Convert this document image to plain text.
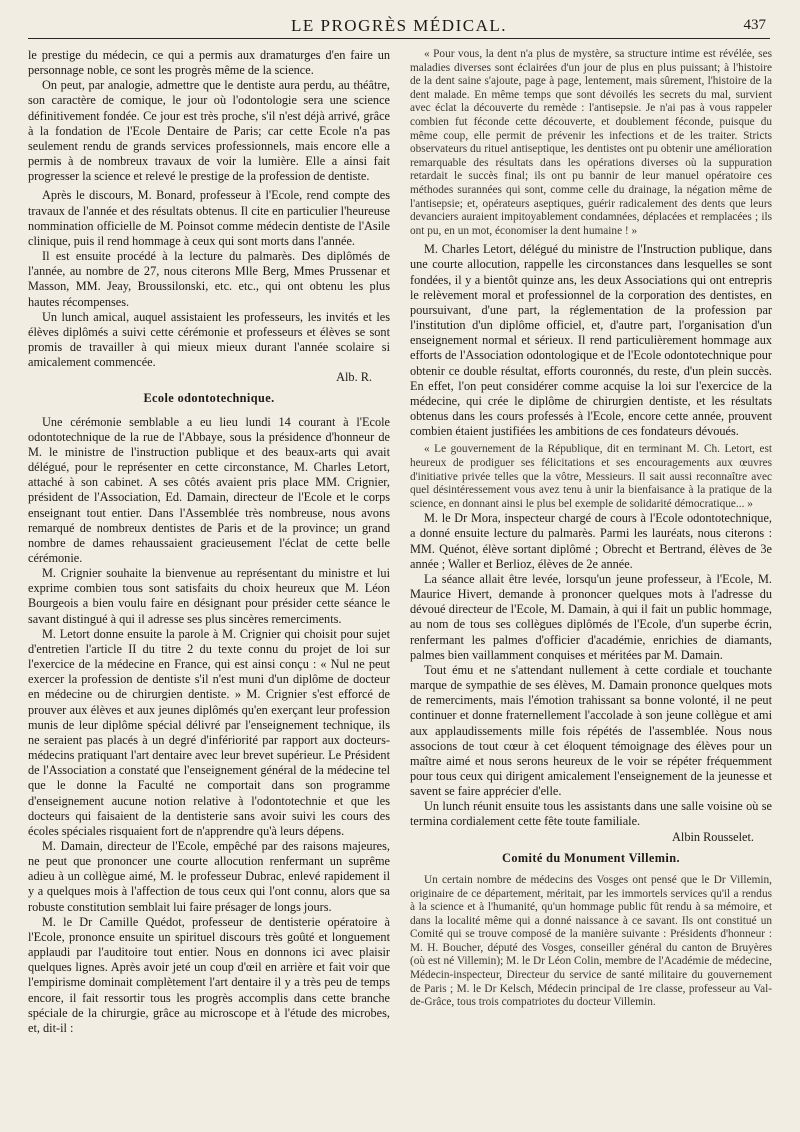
LE PROGRÈS MÉDICAL.	437

le prestige du médecin, ce qui a permis aux dramaturges d'en faire un personnage noble, ce sont les progrès même de la science.

On peut, par analogie, admettre que le dentiste aura perdu, au théâtre, son caractère de comique, le jour où l'odontologie sera une science définitivement fondée. Ce jour est très proche, s'il n'est déjà arrivé, grâce à la fondation de l'Ecole Dentaire de Paris; car cette Ecole n'a pas seulement rendu de grands services professionnels, mais encore elle a permis à de nombreux travaux de voir la lumière. Elle a ainsi fait progresser la science et relevé le prestige de la profession de dentiste.

Après le discours, M. Bonard, professeur à l'Ecole, rend compte des travaux de l'année et des résultats obtenus. Il cite en particulier l'heureuse nommination officielle de M. Poinsot comme médecin dentiste de l'Asile clinique, puis il rend hommage à ceux qui sont morts dans l'année.

Il est ensuite procédé à la lecture du palmarès. Des diplômés de l'année, au nombre de 27, nous citerons Mlle Berg, Mmes Prussenar et Masson, MM. Jeay, Broussilonski, etc. etc., qui ont obtenu les plus hautes récompenses.

Un lunch amical, auquel assistaient les professeurs, les invités et les élèves diplômés a suivi cette cérémonie et professeurs et élèves se sont promis de travailler à qui mieux mieux durant l'année scolaire si amicalement commencée.

Alb. R.

Ecole odontotechnique.

Une cérémonie semblable a eu lieu lundi 14 courant à l'Ecole odontotechnique de la rue de l'Abbaye, sous la présidence d'honneur de M. le ministre de l'instruction publique et des beaux-arts qui avait délégué, pour le représenter en cette circonstance, M. Charles Letort, attaché à son cabinet. A ses côtés avaient pris place MM. Crignier, président de l'Association, Ed. Damain, directeur de l'Ecole et le corps enseignant tout entier. Dans l'Assemblée très nombreuse, nous avons remarqué de nombreux dentistes de Paris et de la province; un grand nombre de dames rehaussaient gracieusement l'éclat de cette belle cérémonie.

M. Crignier souhaite la bienvenue au représentant du ministre et lui exprime combien tous sont satisfaits du choix heureux que M. Léon Bourgeois a bien voulu faire en désignant pour présider cette séance le savant distingué à qui il adresse ses plus sincères remerciments.

M. Letort donne ensuite la parole à M. Crignier qui choisit pour sujet d'entretien l'article II du titre 2 du texte connu du projet de loi sur l'exercice de la médecine en France, qui est ainsi conçu : « Nul ne peut exercer la profession de dentiste s'il n'est muni d'un diplôme de docteur en médecine ou de chirurgien dentiste. » M. Crignier s'est efforcé de prouver aux élèves et aux jeunes diplômés qu'en exerçant leur profession munis de leur diplôme spécial délivré par l'enseignement technique, ils ne seraient pas placés à un degré d'infériorité par rapport aux docteurs-médecins pratiquant l'art dentaire avec leur brevet supérieur. Le Président de l'Association a constaté que l'enseignement général de la médecine tel que le donne la Faculté ne comportait dans son programme d'enseignement aucune notion relative à l'odontotechnie et que les docteurs qui faisaient de la dentisterie sans avoir suivi les cours des écoles spéciales risquaient fort de n'apprendre qu'à leurs dépens.

M. Damain, directeur de l'Ecole, empêché par des raisons majeures, ne peut que prononcer une courte allocution renfermant un suprême adieu à un collègue aimé, M. le professeur Dubrac, enlevé rapidement il y a quelques mois à l'affection de tous ceux qui l'ont connu, alors que sa robuste constitution semblait lui faire présager de longs jours.

M. le Dr Camille Quédot, professeur de dentisterie opératoire à l'Ecole, prononce ensuite un spirituel discours très goûté et longuement applaudi par l'auditoire tout entier. Nous en donnons ici avec plaisir quelques lignes. Après avoir jeté un coup d'œil en arrière et fait voir que l'empirisme dominait complètement l'art dentaire il y a très peu de temps encore, il fait ressortir tous les progrès accomplis dans cette branche spéciale de la chirurgie, grâce au microscope et à l'étude des microbes, et, dit-il :

« Pour vous, la dent n'a plus de mystère, sa structure intime est révélée, ses maladies diverses sont éclairées d'un jour de plus en plus puissant; à l'histoire de la dent saine s'ajoute, page à page, lentement, mais sûrement, l'histoire de la dent malade. En même temps que sont dévoilés les secrets du mal, survient avec éclat la découverte du remède : l'antisepsie. Je n'ai pas à vous rappeler combien fut féconde cette découverte, et doublement féconde, puisque du même coup, elle permit de prévenir les infections et de les traiter. Stricts observateurs du rituel antiseptique, les dentistes ont pu obtenir une amélioration remarquable des résultats dans les opérations diverses où la suppuration retardait le succès final; ils ont pu bannir de leur manuel opératoire ces méthodes surannées qui sont, comme celle du drainage, la négation même de l'antisepsie; et, opérateurs aseptiques, guérir radicalement des dents que leurs devanciers auraient impitoyablement condamnées, déplacées et remplacées ; ils ont pu, en un mot, économiser la dent humaine ! »

M. Charles Letort, délégué du ministre de l'Instruction publique, dans une courte allocution, rappelle les circonstances dans lesquelles se sont fondées, il y a bientôt quinze ans, les deux Associations qui ont entrepris le relèvement moral et professionnel de la corporation des dentistes, en poursuivant, d'une part, la réglementation de la profession par l'institution d'un diplôme officiel, et, d'autre part, l'organisation d'un enseignement normal et sérieux. Il rend particulièrement hommage aux efforts de l'Association odontologique et de l'Ecole odontotechnique pour obtenir ce double résultat, efforts couronnés, du reste, d'un plein succès. En effet, l'on peut considérer comme acquise la loi sur l'exercice de la médecine, qui crée le diplôme de chirurgien dentiste, et les résultats obtenus dans les cours professés à l'Ecole, encore cette année, prouvent combien étaient justifiées les ambitions de ces fondateurs dévoués.

« Le gouvernement de la République, dit en terminant M. Ch. Letort, est heureux de prodiguer ses félicitations et ses encouragements aux œuvres d'initiative privée telles que la vôtre, Messieurs. Il sait aussi reconnaître avec quel désintéressement vous avez tenu à unir la bienfaisance à la pratique de la science, en donnant ainsi le plus bel exemple de solidarité démocratique... »

M. le Dr Mora, inspecteur chargé de cours à l'Ecole odontotechnique, a donné ensuite lecture du palmarès. Parmi les lauréats, nous citerons : MM. Quénot, élève sortant diplômé ; Obrecht et Bertrand, élèves de 3e année ; Waller et Berlioz, élèves de 2e année.

La séance allait être levée, lorsqu'un jeune professeur, à l'Ecole, M. Maurice Hivert, demande à prononcer quelques mots à l'adresse du dévoué directeur de l'Ecole, M. Damain, à qui il fait un public hommage, au nom de tous ses collègues diplômés de l'Ecole, d'un superbe écrin, renfermant les palmes d'officier d'académie, enrichies de diamants, palmes bien vaillamment conquises et méritées par M. Damain.

Tout ému et ne s'attendant nullement à cette cordiale et touchante marque de sympathie de ses élèves, M. Damain prononce quelques mots de remerciments, mais l'émotion trahissant sa bonne volonté, il ne peut continuer et donne fraternellement l'accolade à son jeune collègue et ami aux applaudissements mille fois répétés de l'assemblée. Nous nous associons de tout cœur à cet éloquent témoignage des élèves pour un maître aimé et nous serons heureux de le voir se répéter fréquemment pour tous ceux qui dirigent amicalement l'enseignement de la jeunesse et savent se faire apprécier d'elle.

Un lunch réunit ensuite tous les assistants dans une salle voisine où se termina cordialement cette fête toute familiale.

Albin Rousselet.

Comité du Monument Villemin.

Un certain nombre de médecins des Vosges ont pensé que le Dr Villemin, originaire de ce département, méritait, par les immortels services qu'il a rendus à la science et à l'humanité, qu'un hommage public fût rendu à sa mémoire, et dans la localité même qui a donné naissance à ce savant. Ils ont constitué un Comité qui se trouve composé de la manière suivante : Présidents d'honneur : M. H. Boucher, député des Vosges, conseiller général du canton de Bruyères (où est né Villemin); M. le Dr Léon Colin, membre de l'Académie de médecine, Médecin-inspecteur, Directeur du service de santé militaire du gouvernement de Paris ; M. le Dr Kelsch, Médecin principal de 1re classe, professeur au Val-de-Grâce, tous trois compatriotes du docteur Villemin.
